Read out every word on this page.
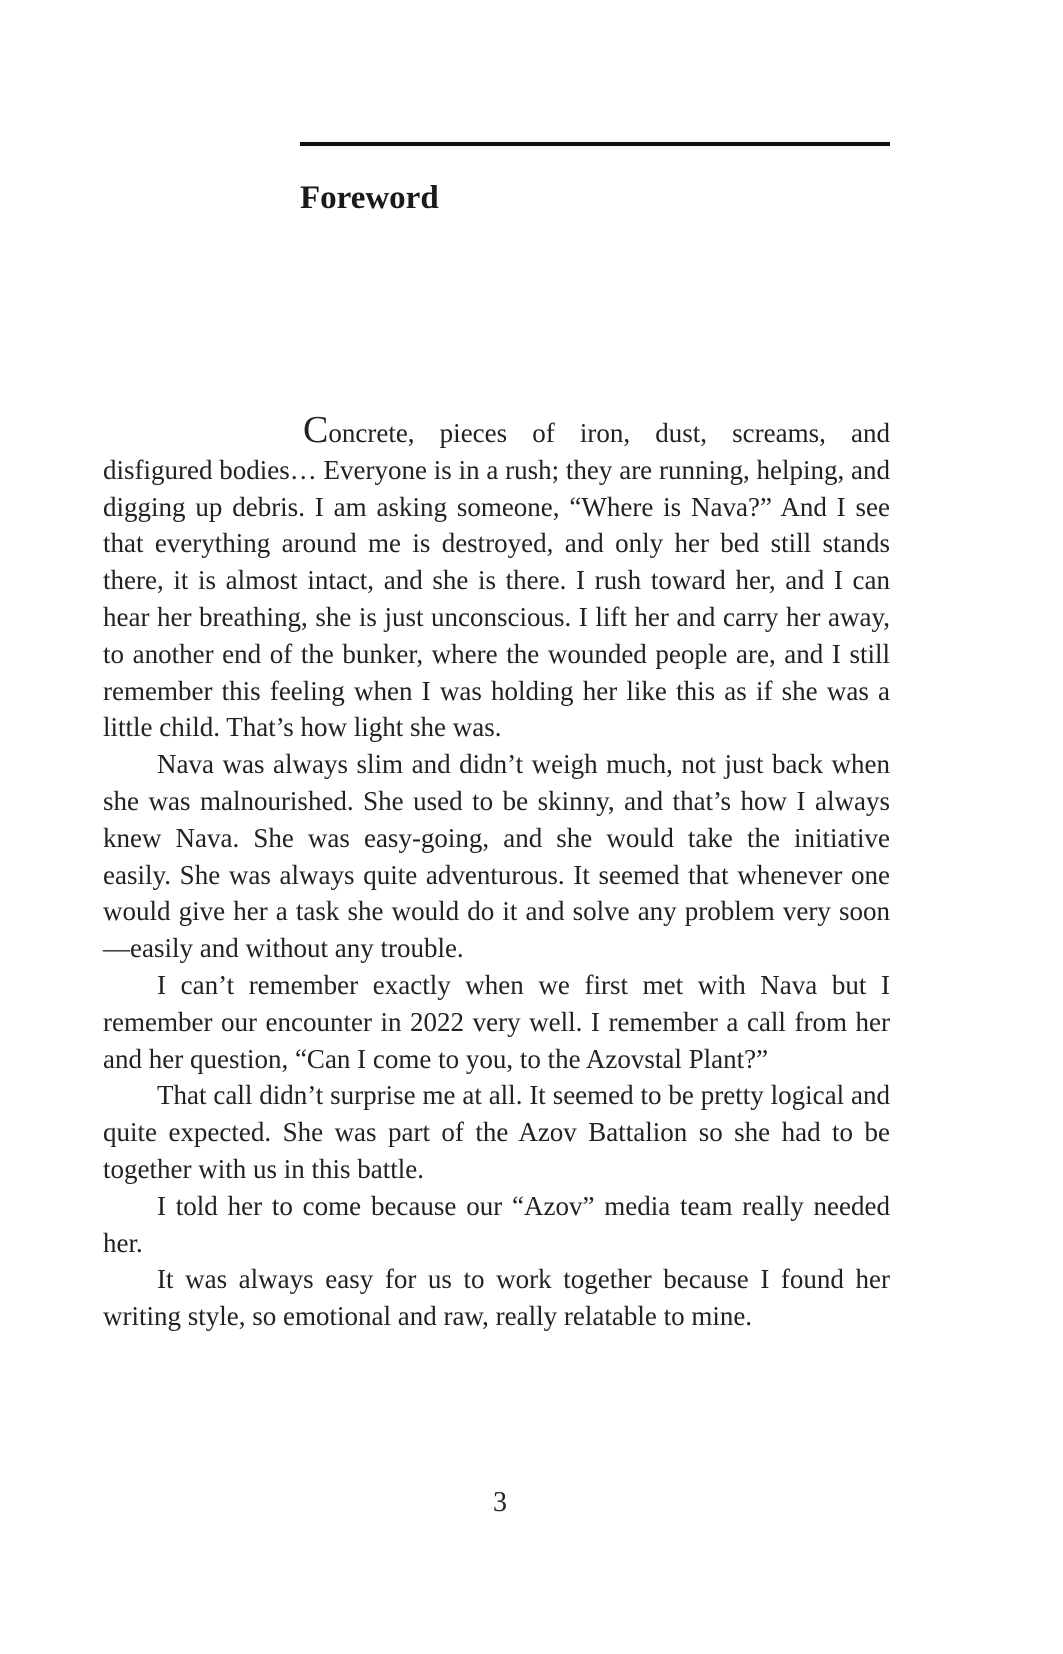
Foreword

Concrete, pieces of iron, dust, screams, and disfigured bodies… Everyone is in a rush; they are running, helping, and digging up debris. I am asking someone, “Where is Nava?” And I see that everything around me is destroyed, and only her bed still stands there, it is almost intact, and she is there. I rush toward her, and I can hear her breathing, she is just unconscious. I lift her and carry her away, to another end of the bunker, where the wounded people are, and I still remember this feeling when I was holding her like this as if she was a little child. That’s how light she was.

Nava was always slim and didn’t weigh much, not just back when she was malnourished. She used to be skinny, and that’s how I always knew Nava. She was easy-going, and she would take the initiative easily. She was always quite adventurous. It seemed that whenever one would give her a task she would do it and solve any problem very soon—easily and without any trouble.

I can’t remember exactly when we first met with Nava but I remember our encounter in 2022 very well. I remember a call from her and her question, “Can I come to you, to the Azovstal Plant?”

That call didn’t surprise me at all. It seemed to be pretty logical and quite expected. She was part of the Azov Battalion so she had to be together with us in this battle.

I told her to come because our “Azov” media team really needed her.

It was always easy for us to work together because I found her writing style, so emotional and raw, really relatable to mine.

3
